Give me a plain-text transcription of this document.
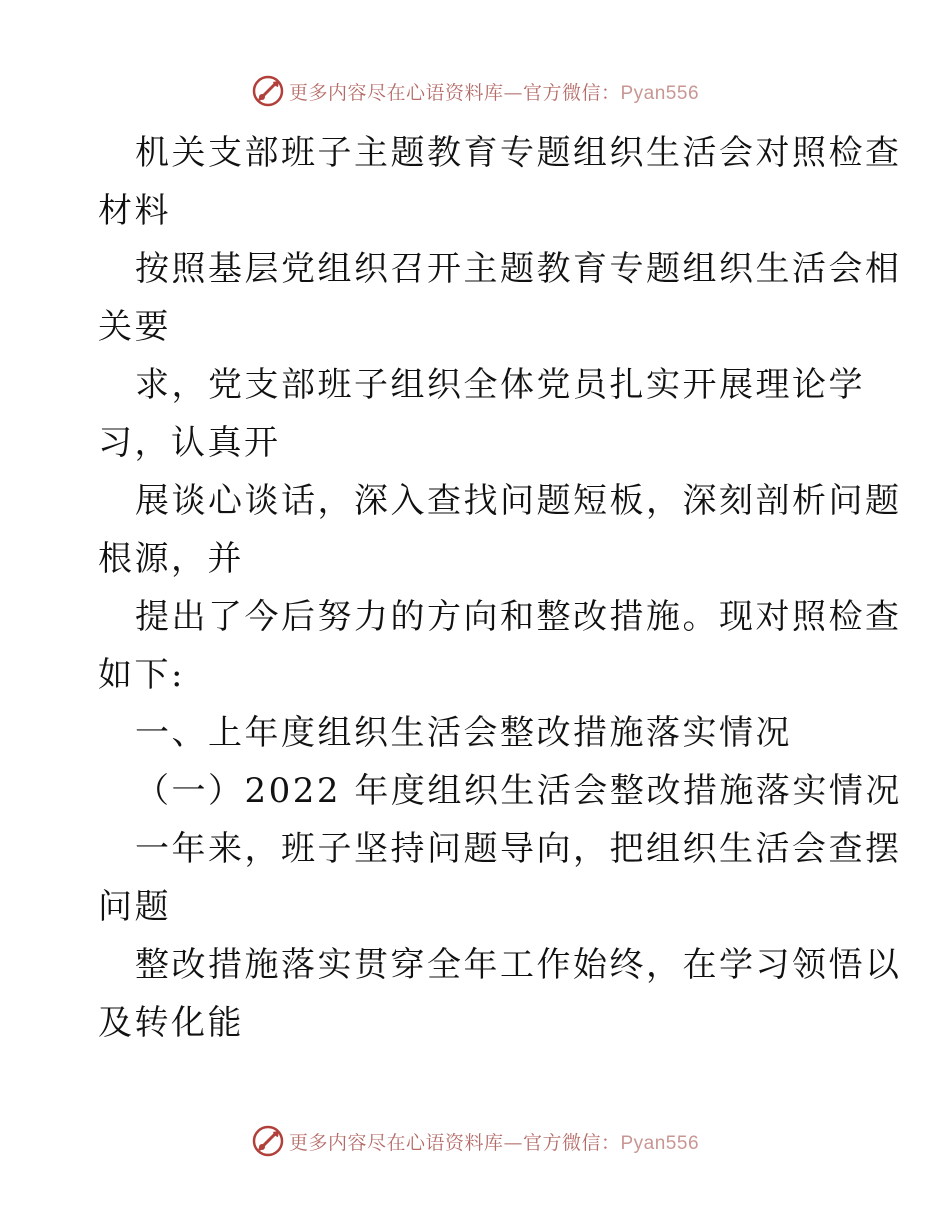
更多内容尽在心语资料库—官方微信：Pyan556
机关支部班子主题教育专题组织生活会对照检查
材料
按照基层党组织召开主题教育专题组织生活会相
关要
求，党支部班子组织全体党员扎实开展理论学
习，认真开
展谈心谈话，深入查找问题短板，深刻剖析问题
根源，并
提出了今后努力的方向和整改措施。现对照检查
如下:
一、上年度组织生活会整改措施落实情况
（一）2022 年度组织生活会整改措施落实情况
一年来，班子坚持问题导向，把组织生活会查摆
问题
整改措施落实贯穿全年工作始终，在学习领悟以
及转化能
更多内容尽在心语资料库—官方微信：Pyan556
